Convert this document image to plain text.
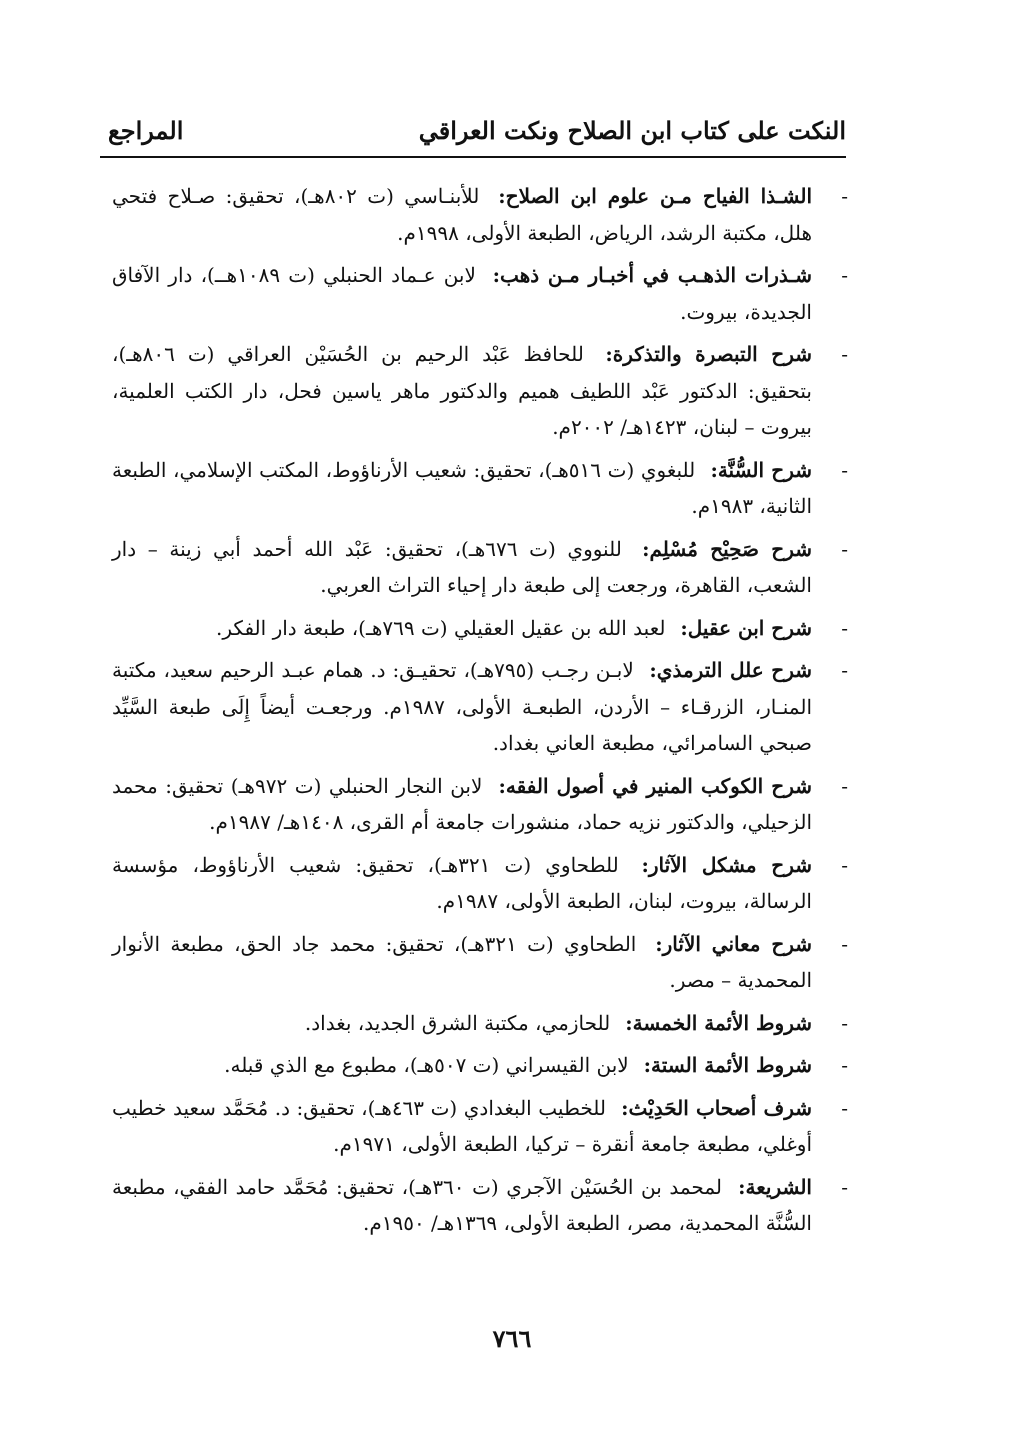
النكت على كتاب ابن الصلاح ونكت العراقي
المراجع
-
الشـذا الفياح مـن علوم ابن الصلاح: للأبنـاسي (ت ٨٠٢هـ)، تحقيق: صـلاح فتحي هلل، مكتبة الرشد، الرياض، الطبعة الأولى، ١٩٩٨م.
-
شـذرات الذهـب في أخبـار مـن ذهب: لابن عـماد الحنبلي (ت ١٠٨٩هــ)، دار الآفاق الجديدة، بيروت.
-
شرح التبصرة والتذكرة: للحافظ عَبْد الرحيم بن الحُسَيْن العراقي (ت ٨٠٦هـ)، بتحقيق: الدكتور عَبْد اللطيف هميم والدكتور ماهر ياسين فحل، دار الكتب العلمية، بيروت – لبنان، ١٤٢٣هـ/ ٢٠٠٢م.
-
شرح السُّنَّة: للبغوي (ت ٥١٦هـ)، تحقيق: شعيب الأرناؤوط، المكتب الإسلامي، الطبعة الثانية، ١٩٨٣م.
-
شرح صَحِيْح مُسْلِم: للنووي (ت ٦٧٦هـ)، تحقيق: عَبْد الله أحمد أبي زينة – دار الشعب، القاهرة، ورجعت إلى طبعة دار إحياء التراث العربي.
-
شرح ابن عقيل: لعبد الله بن عقيل العقيلي (ت ٧٦٩هـ)، طبعة دار الفكر.
-
شرح علل الترمذي: لابـن رجـب (٧٩٥هـ)، تحقيـق: د. همام عبـد الرحيم سعيد، مكتبة المنـار، الزرقـاء – الأردن، الطبعـة الأولى، ١٩٨٧م. ورجعـت أيضاً إِلَى طبعة السَّيِّد صبحي السامرائي، مطبعة العاني بغداد.
-
شرح الكوكب المنير في أصول الفقه: لابن النجار الحنبلي (ت ٩٧٢هـ) تحقيق: محمد الزحيلي، والدكتور نزيه حماد، منشورات جامعة أم القرى، ١٤٠٨هـ/ ١٩٨٧م.
-
شرح مشكل الآثار: للطحاوي (ت ٣٢١هـ)، تحقيق: شعيب الأرناؤوط، مؤسسة الرسالة، بيروت، لبنان، الطبعة الأولى، ١٩٨٧م.
-
شرح معاني الآثار: الطحاوي (ت ٣٢١هـ)، تحقيق: محمد جاد الحق، مطبعة الأنوار المحمدية – مصر.
-
شروط الأئمة الخمسة: للحازمي، مكتبة الشرق الجديد، بغداد.
-
شروط الأئمة الستة: لابن القيسراني (ت ٥٠٧هـ)، مطبوع مع الذي قبله.
-
شرف أصحاب الحَدِيْث: للخطيب البغدادي (ت ٤٦٣هـ)، تحقيق: د. مُحَمَّد سعيد خطيب أوغلي، مطبعة جامعة أنقرة – تركيا، الطبعة الأولى، ١٩٧١م.
-
الشريعة: لمحمد بن الحُسَيْن الآجري (ت ٣٦٠هـ)، تحقيق: مُحَمَّد حامد الفقي، مطبعة السُّنَّة المحمدية، مصر، الطبعة الأولى، ١٣٦٩هـ/ ١٩٥٠م.
٧٦٦
